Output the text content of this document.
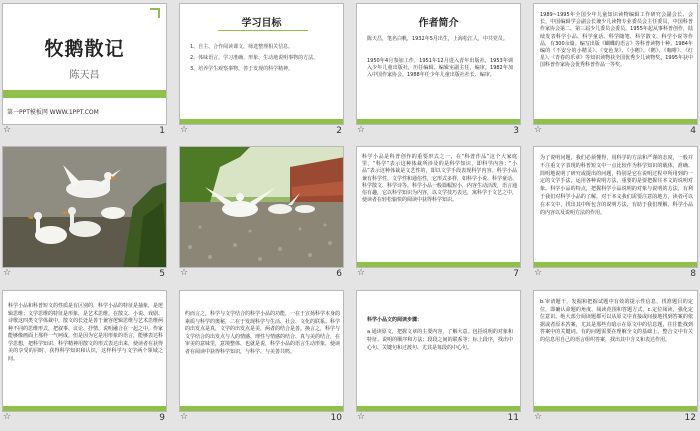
牧鹅散记
陈天昌
第一PPT模板网 WWW.1PPT.COM
☆	1
学习目标
1、自主、合作阅读课文，筛选整理相关信息。
2、体味语言，学习准确、形象、生动地说明事物的方法。
3、培养学生观察事物，善于发现的科学精神。
☆	2
作者简介
陈天昌，笔名白帆，1932年5月出生，上海松江人，中共党员。
1950年4月参加工作，1951年12月进入青年出版社，1953年调入少年儿童出版社，历任编辑、编辑室副主任、编审。1982年加入中国作家协会。1988年任少年儿童出版社社长、编审。
☆	3
1989~1995年全国少年儿童知识读物编辑工作研究会副会长、会长，中国编辑学会副会长兼少儿读物专业委员会主任委员，中国科普作家协会第二、第三届少儿委员会委员。1955年起从事科普创作，陆续发表科学小品、科学童话、科学随笔、科学散文、科学小说等作品，有300余篇。编写出版《蝴蝶的语言》等科普读物十种。1984年编的《不安分的小精灵》、《变色龙》、《小鹅》、《鹅》、《咖啡》、《红星》、《青春的乐章》等知识读物获全国优秀少儿读物奖。1995年获中国科普作家协会优秀科普作品一等奖。
☆	4
☆	5 ☆	6
科学小品是科普创作的重要形式之一，在“科普作品”这个大家庭里，“科学”表示这种体裁所涉及的是科学知识，即科学内容；“小品”表示这种体裁是文艺性的，即以文学手段表现科学内容。科学小品兼有科学性、文学性和通俗性，它形式多样，如科学小说、科学童话、科学散文、科学诗等。科学小品一般篇幅短小，内容生动活泼，语言通俗有趣，它以科学知识为内容，以文学技巧表达，寓科学于文艺之中，使读者在轻松愉快的阅读中获得科学知识。
☆	7
为了说明问题，我们必须懂得，用科学的方法和严谨的态度，一般并不注重文字表现的科普短文中一点比较作为科学知识的载体，准确、简明地说明了研究或提出的问题，特别是它在说明过程中所用到的一定的文学手法，运用各种说明方法，重要的是要把握住本文的说明对象。科学小品的特点，把握科学小品说明的对象与说明的方法，有利于我们对科学小品的了解，对于本文我们需要注意的地方，读者可以在本文中，找出其中所包含的说明方法，有助于我们理解，科学小品的内容以及说明方法的作用。
☆	8
科学小品和科普短文的性质是有区别的，科学小品的特征是抽象，是逻辑思维；文学思维的特征是形象，是艺术思维。在散文、小说、戏剧、诗歌这四类文学体裁中，散文的长处是善于兼容逻辑思维与艺术思维两种不同的思维形式，把叙事、议论、抒情、说明融合在一起之中，作家能够像画面上那样一气呵成。但是因为它是用形象的语言，能够表达科学思想，把科学知识、科学精神用散文的形式表达出来，使读者在获得美的享受的同时，获得科学知识和认识，这样科学与文学两个领域之间。
☆	9
约而言之，科学与文学结合的科学小品的功能，一在于宣扬科学本身的素质与科学的奥秘，二在于发现科学与生活、社会、文化的联系。科学的出发点是真，文学的出发点是美，两者的结合是善。换言之，科学与文学结合的出发点与人的情感、理性与情感的结合、真与美的结合，在审美的意味里，意境整体、也就是说，科学小品的语言生动形象，使读者在阅读中获得科学知识，与科学、与美善共鸣。
☆	10
科学小品文的阅读步骤：
a.通读原文，把握文章的主要内容，了解大意。包括说明的对象和特征、说明的顺序和方法；段段之间的联系等；标上段序，找出中心句、关键句和过渡句、尤其是每段的中心句。
☆	11
b.审清题干，发掘和把握试题中有效的提示性信息，找准题目的定位，即确认命题的角度、阅读范围和答题方式。c.定位阅读，强化定位意识。绝大部分阅读题都可以从原文中直接或间接地找到答案的依据或者原本答案，尤其是那些有暗示在原文中的信息题，往往能找到答案中的关键词。有的问题需要在理解全文的基础上，整合文中有关的信息用自己的语言组织答案，找出其中含义和表达作用。
☆	12
